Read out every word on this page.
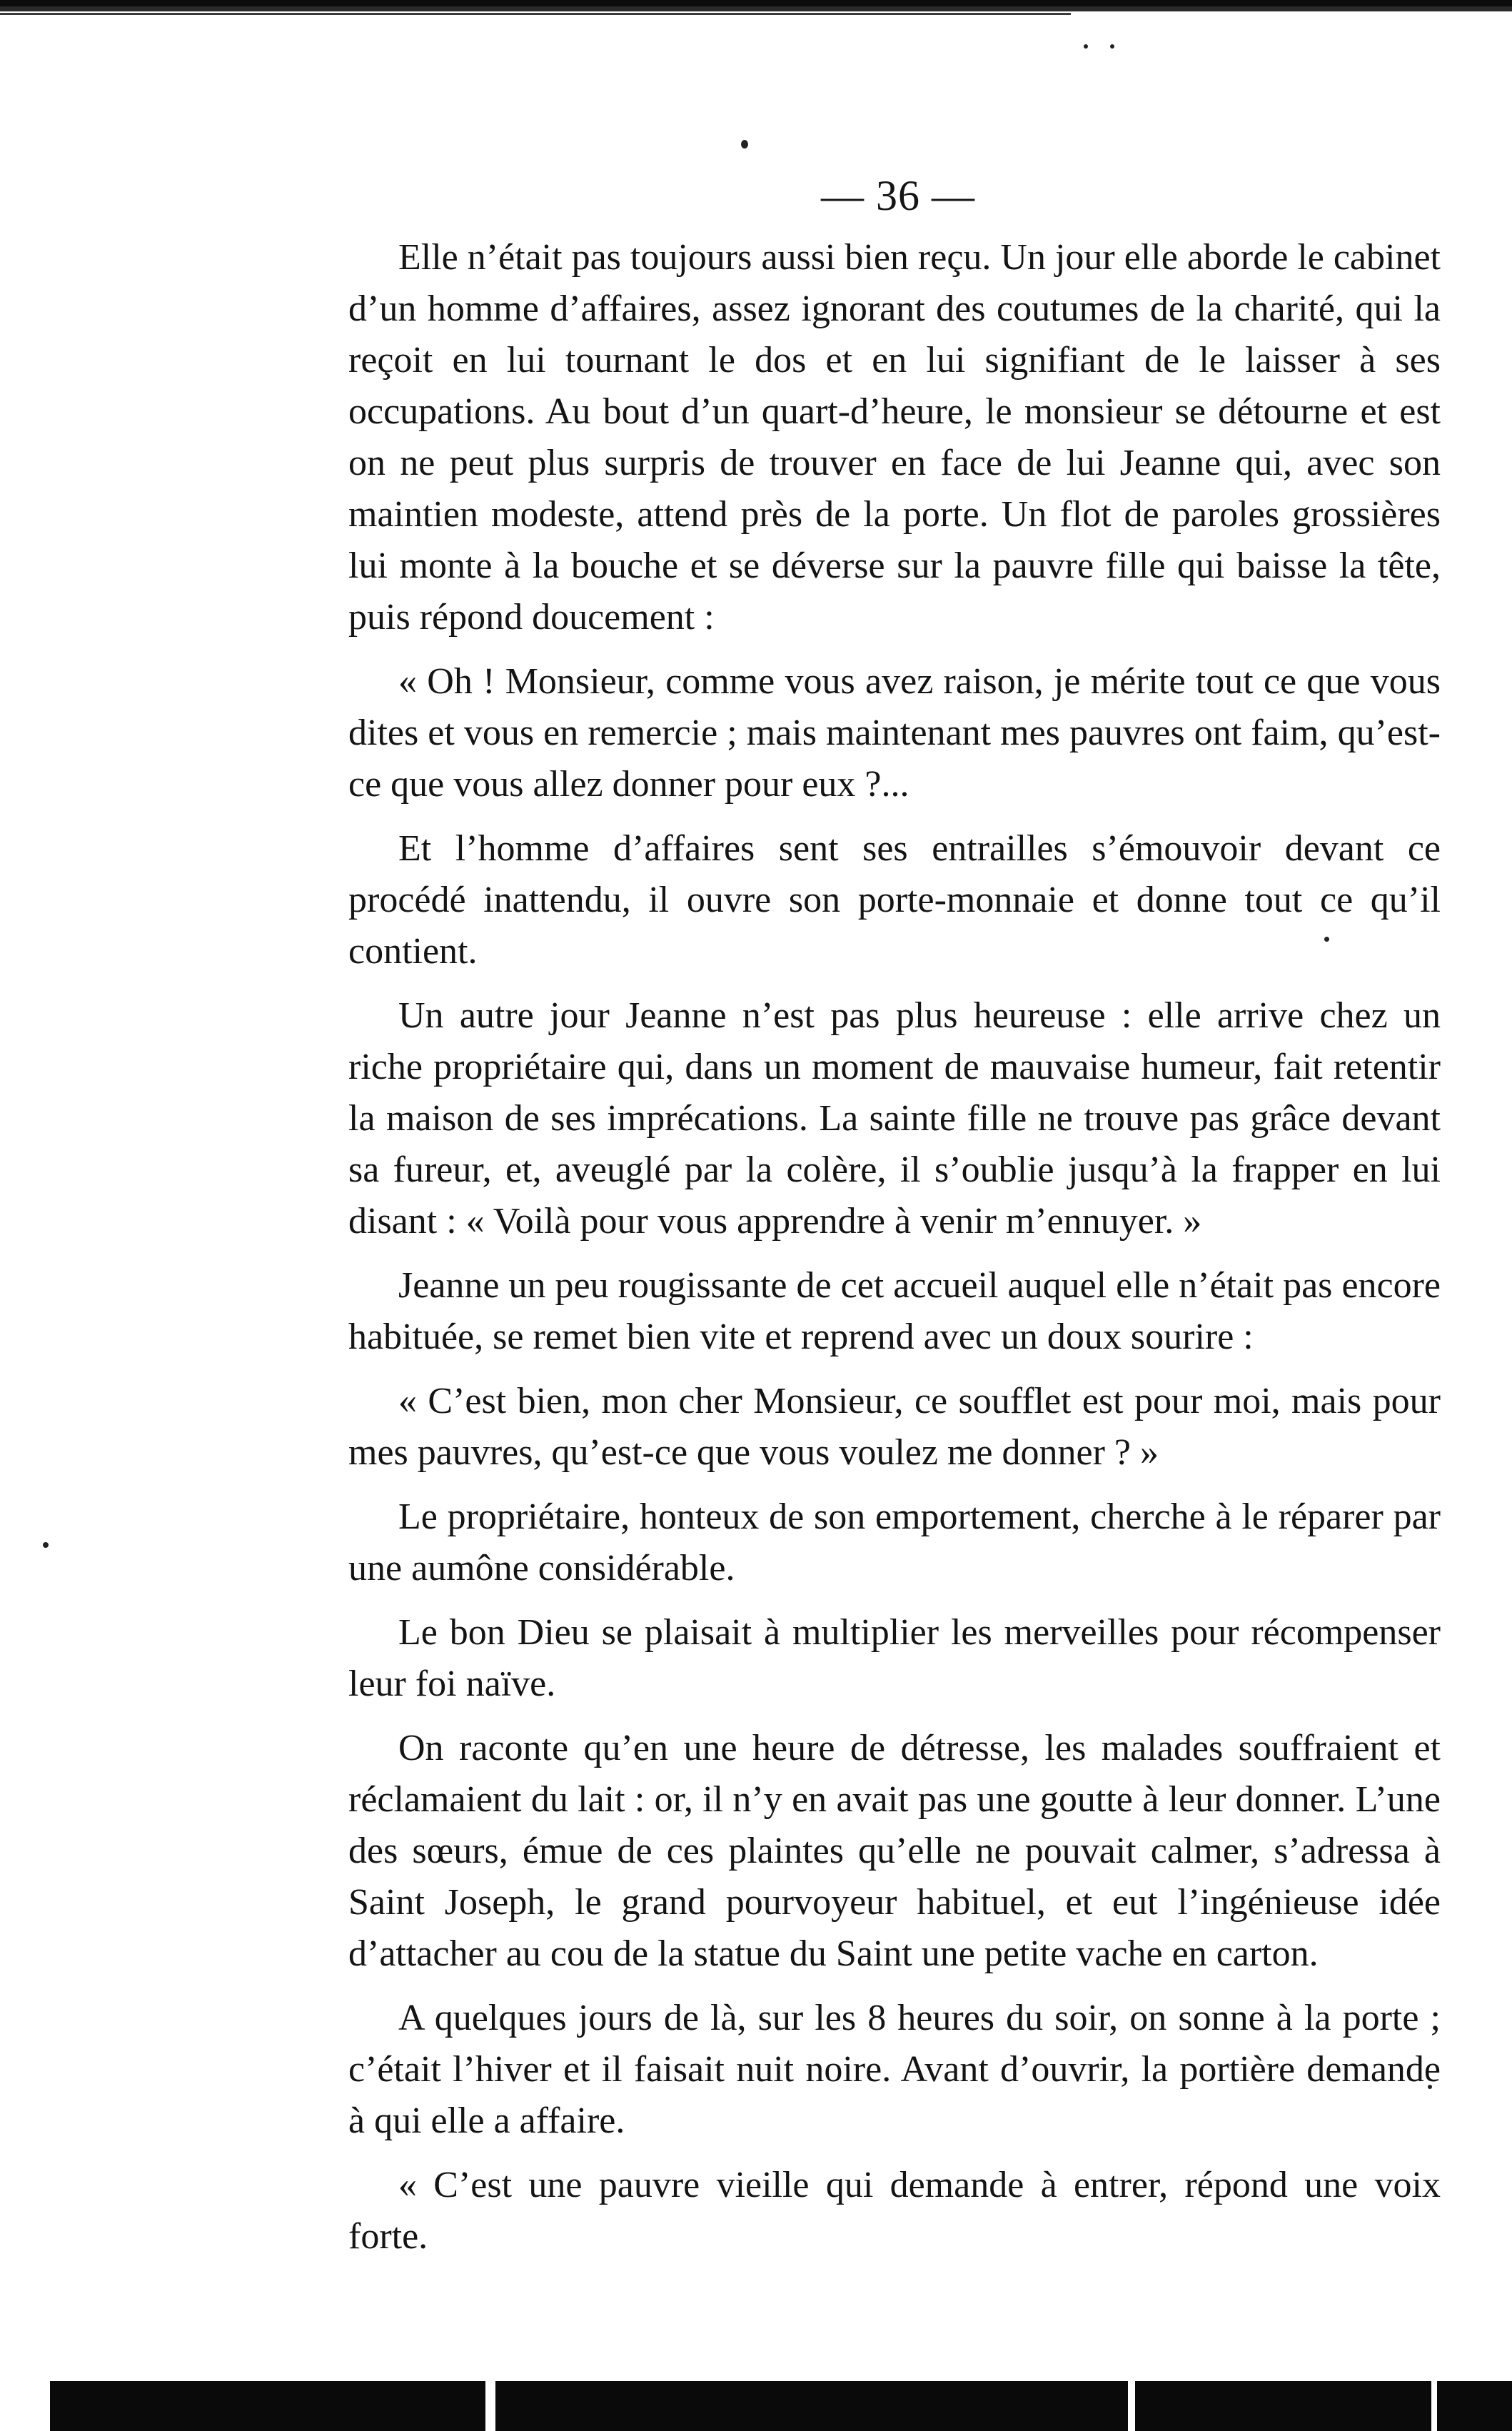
— 36 —

Elle n’était pas toujours aussi bien reçu. Un jour elle aborde le cabinet d’un homme d’affaires, assez ignorant des coutumes de la charité, qui la reçoit en lui tournant le dos et en lui signifiant de le laisser à ses occupations. Au bout d’un quart-d’heure, le monsieur se détourne et est on ne peut plus surpris de trouver en face de lui Jeanne qui, avec son maintien modeste, attend près de la porte. Un flot de paroles grossières lui monte à la bouche et se déverse sur la pauvre fille qui baisse la tête, puis répond doucement :

« Oh ! Monsieur, comme vous avez raison, je mérite tout ce que vous dites et vous en remercie ; mais maintenant mes pauvres ont faim, qu’est-ce que vous allez donner pour eux ?...

Et l’homme d’affaires sent ses entrailles s’émouvoir devant ce procédé inattendu, il ouvre son porte-monnaie et donne tout ce qu’il contient.

Un autre jour Jeanne n’est pas plus heureuse : elle arrive chez un riche propriétaire qui, dans un moment de mauvaise humeur, fait retentir la maison de ses imprécations. La sainte fille ne trouve pas grâce devant sa fureur, et, aveuglé par la colère, il s’oublie jusqu’à la frapper en lui disant : « Voilà pour vous apprendre à venir m’ennuyer. »

Jeanne un peu rougissante de cet accueil auquel elle n’était pas encore habituée, se remet bien vite et reprend avec un doux sourire :

« C’est bien, mon cher Monsieur, ce soufflet est pour moi, mais pour mes pauvres, qu’est-ce que vous voulez me donner ? »

Le propriétaire, honteux de son emportement, cherche à le réparer par une aumône considérable.

Le bon Dieu se plaisait à multiplier les merveilles pour récompenser leur foi naïve.

On raconte qu’en une heure de détresse, les malades souffraient et réclamaient du lait : or, il n’y en avait pas une goutte à leur donner. L’une des sœurs, émue de ces plaintes qu’elle ne pouvait calmer, s’adressa à Saint Joseph, le grand pourvoyeur habituel, et eut l’ingénieuse idée d’attacher au cou de la statue du Saint une petite vache en carton.

A quelques jours de là, sur les 8 heures du soir, on sonne à la porte ; c’était l’hiver et il faisait nuit noire. Avant d’ouvrir, la portière demande à qui elle a affaire.

« C’est une pauvre vieille qui demande à entrer, répond une voix forte.
